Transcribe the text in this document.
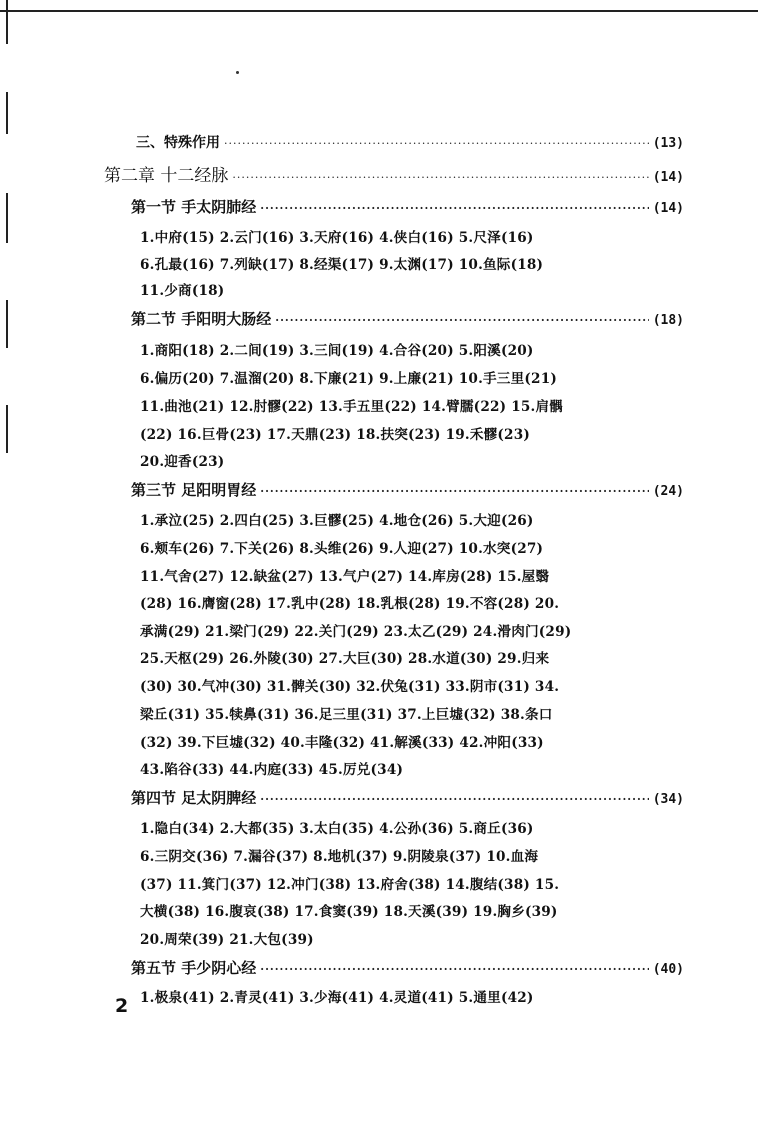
三、特殊作用 ·····	(13)
第二章 十二经脉 ·····	(14)
第一节 手太阴肺经 ·····	(14)
1.中府(15) 2.云门(16) 3.天府(16) 4.侠白(16) 5.尺泽(16)
6.孔最(16) 7.列缺(17) 8.经渠(17) 9.太渊(17) 10.鱼际(18)
11.少商(18)
第二节 手阳明大肠经 ·····	(18)
1.商阳(18) 2.二间(19) 3.三间(19) 4.合谷(20) 5.阳溪(20)
6.偏历(20) 7.温溜(20) 8.下廉(21) 9.上廉(21) 10.手三里(21)
11.曲池(21) 12.肘髎(22) 13.手五里(22) 14.臂臑(22) 15.肩髃
(22) 16.巨骨(23) 17.天鼎(23) 18.扶突(23) 19.禾髎(23)
20.迎香(23)
第三节 足阳明胃经 ·····	(24)
1.承泣(25) 2.四白(25) 3.巨髎(25) 4.地仓(26) 5.大迎(26)
6.颊车(26) 7.下关(26) 8.头维(26) 9.人迎(27) 10.水突(27)
11.气舍(27) 12.缺盆(27) 13.气户(27) 14.库房(28) 15.屋翳
(28) 16.膺窗(28) 17.乳中(28) 18.乳根(28) 19.不容(28) 20.
承满(29) 21.梁门(29) 22.关门(29) 23.太乙(29) 24.滑肉门(29)
25.天枢(29) 26.外陵(30) 27.大巨(30) 28.水道(30) 29.归来
(30) 30.气冲(30) 31.髀关(30) 32.伏兔(31) 33.阴市(31) 34.
梁丘(31) 35.犊鼻(31) 36.足三里(31) 37.上巨墟(32) 38.条口
(32) 39.下巨墟(32) 40.丰隆(32) 41.解溪(33) 42.冲阳(33)
43.陷谷(33) 44.内庭(33) 45.厉兑(34)
第四节 足太阴脾经 ·····	(34)
1.隐白(34) 2.大都(35) 3.太白(35) 4.公孙(36) 5.商丘(36)
6.三阴交(36) 7.漏谷(37) 8.地机(37) 9.阴陵泉(37) 10.血海
(37) 11.箕门(37) 12.冲门(38) 13.府舍(38) 14.腹结(38) 15.
大横(38) 16.腹哀(38) 17.食窦(39) 18.天溪(39) 19.胸乡(39)
20.周荣(39) 21.大包(39)
第五节 手少阴心经 ·····	(40)
1.极泉(41) 2.青灵(41) 3.少海(41) 4.灵道(41) 5.通里(42)
2
